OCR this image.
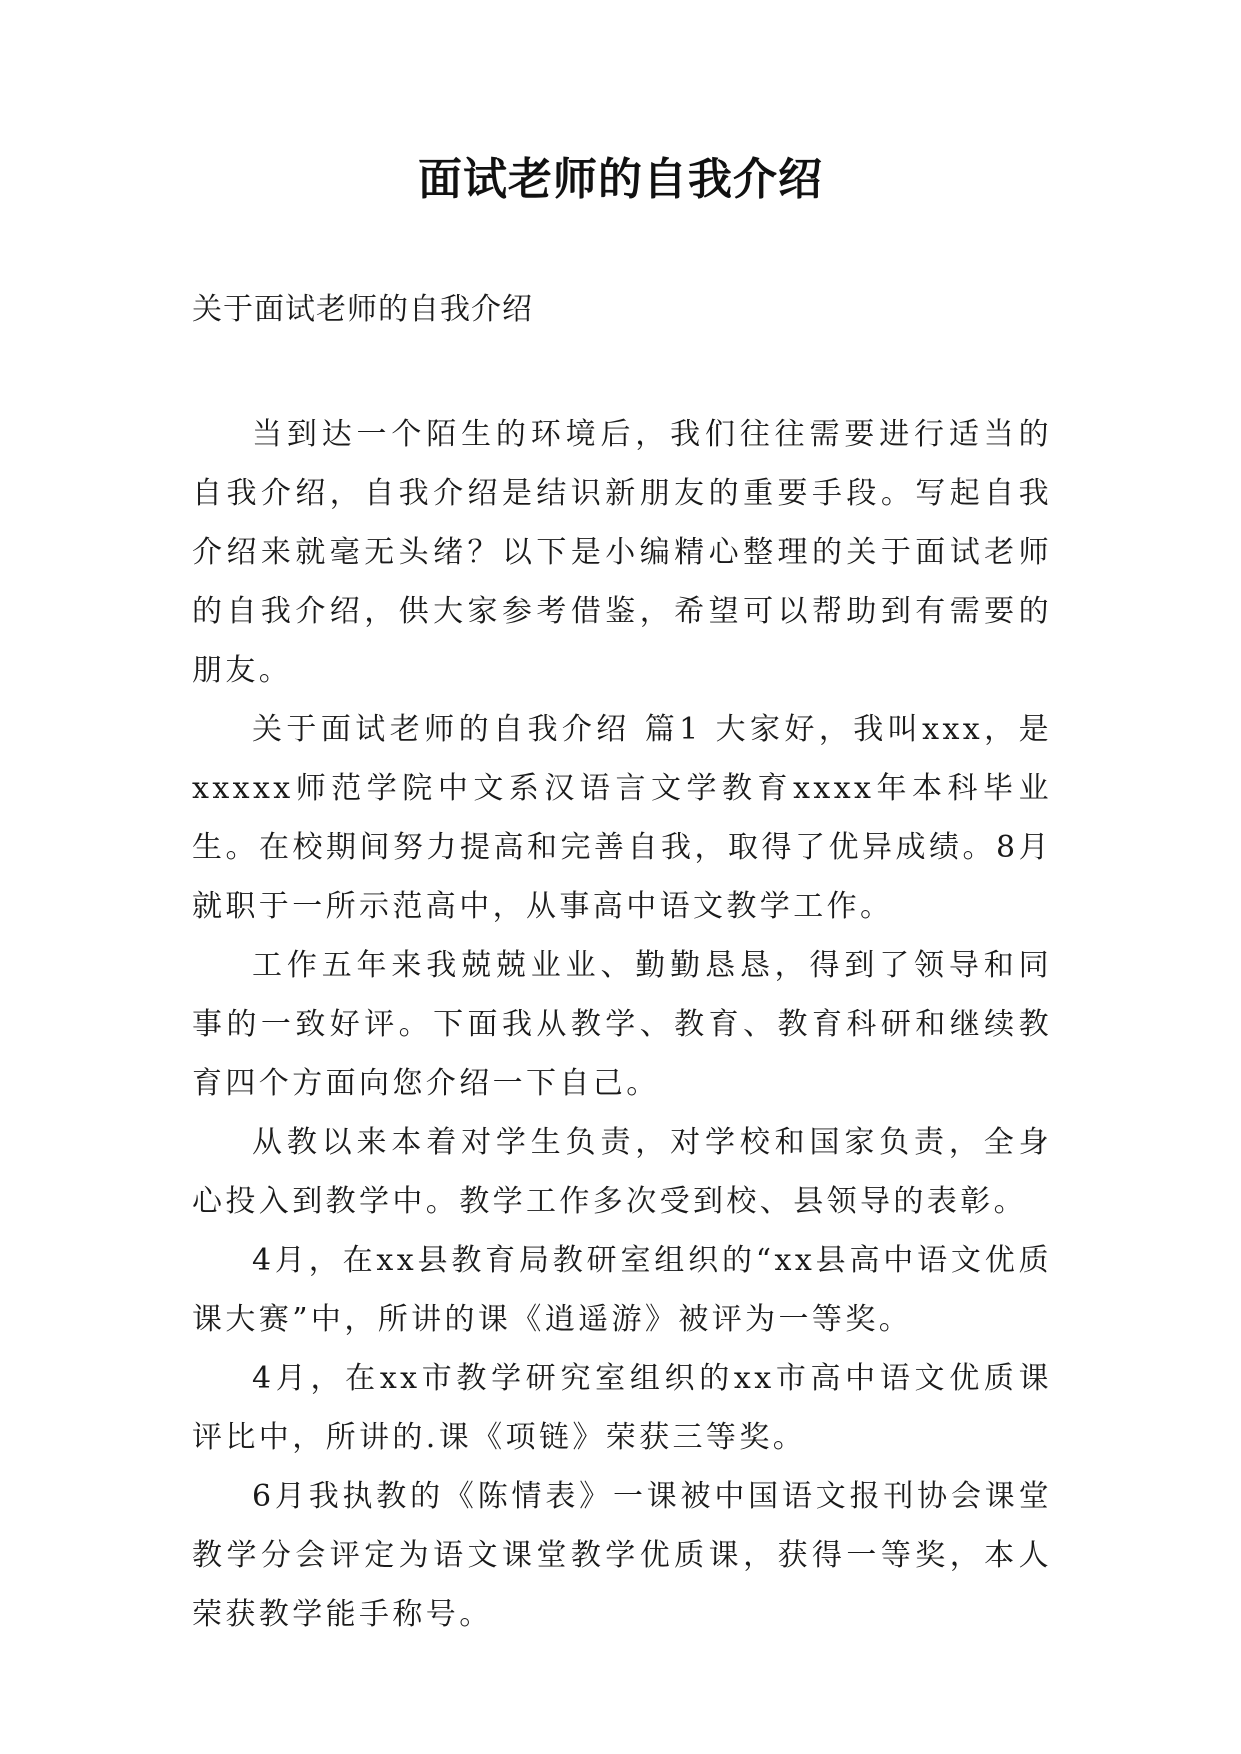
面试老师的自我介绍
关于面试老师的自我介绍

当到达一个陌生的环境后，我们往往需要进行适当的自我介绍，自我介绍是结识新朋友的重要手段。写起自我介绍来就毫无头绪？以下是小编精心整理的关于面试老师的自我介绍，供大家参考借鉴，希望可以帮助到有需要的朋友。

关于面试老师的自我介绍 篇1 大家好，我叫xxx，是xxxxx师范学院中文系汉语言文学教育xxxx年本科毕业生。在校期间努力提高和完善自我，取得了优异成绩。8月就职于一所示范高中，从事高中语文教学工作。

工作五年来我兢兢业业、勤勤恳恳，得到了领导和同事的一致好评。下面我从教学、教育、教育科研和继续教育四个方面向您介绍一下自己。

从教以来本着对学生负责，对学校和国家负责，全身心投入到教学中。教学工作多次受到校、县领导的表彰。

4月，在xx县教育局教研室组织的“xx县高中语文优质课大赛”中，所讲的课《逍遥游》被评为一等奖。

4月，在xx市教学研究室组织的xx市高中语文优质课评比中，所讲的.课《项链》荣获三等奖。

6月我执教的《陈情表》一课被中国语文报刊协会课堂教学分会评定为语文课堂教学优质课，获得一等奖，本人荣获教学能手称号。
